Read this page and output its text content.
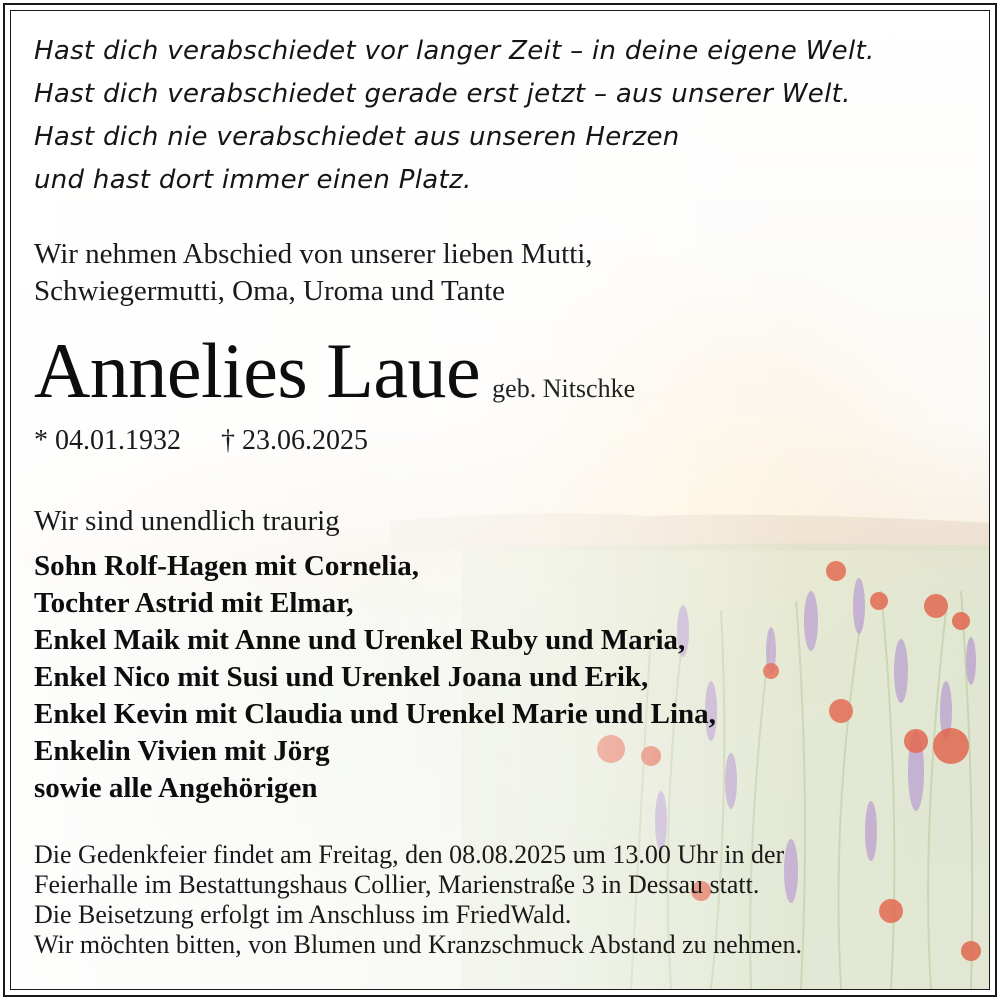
Hast dich verabschiedet vor langer Zeit – in deine eigene Welt.
Hast dich verabschiedet gerade erst jetzt – aus unserer Welt.
Hast dich nie verabschiedet aus unseren Herzen
und hast dort immer einen Platz.
Wir nehmen Abschied von unserer lieben Mutti,
Schwiegermutti, Oma, Uroma und Tante
Annelies Laue geb. Nitschke
* 04.01.1932 † 23.06.2025
Wir sind unendlich traurig
Sohn Rolf-Hagen mit Cornelia,
Tochter Astrid mit Elmar,
Enkel Maik mit Anne und Urenkel Ruby und Maria,
Enkel Nico mit Susi und Urenkel Joana und Erik,
Enkel Kevin mit Claudia und Urenkel Marie und Lina,
Enkelin Vivien mit Jörg
sowie alle Angehörigen
Die Gedenkfeier findet am Freitag, den 08.08.2025 um 13.00 Uhr in der
Feierhalle im Bestattungshaus Collier, Marienstraße 3 in Dessau statt.
Die Beisetzung erfolgt im Anschluss im FriedWald.
Wir möchten bitten, von Blumen und Kranzschmuck Abstand zu nehmen.
